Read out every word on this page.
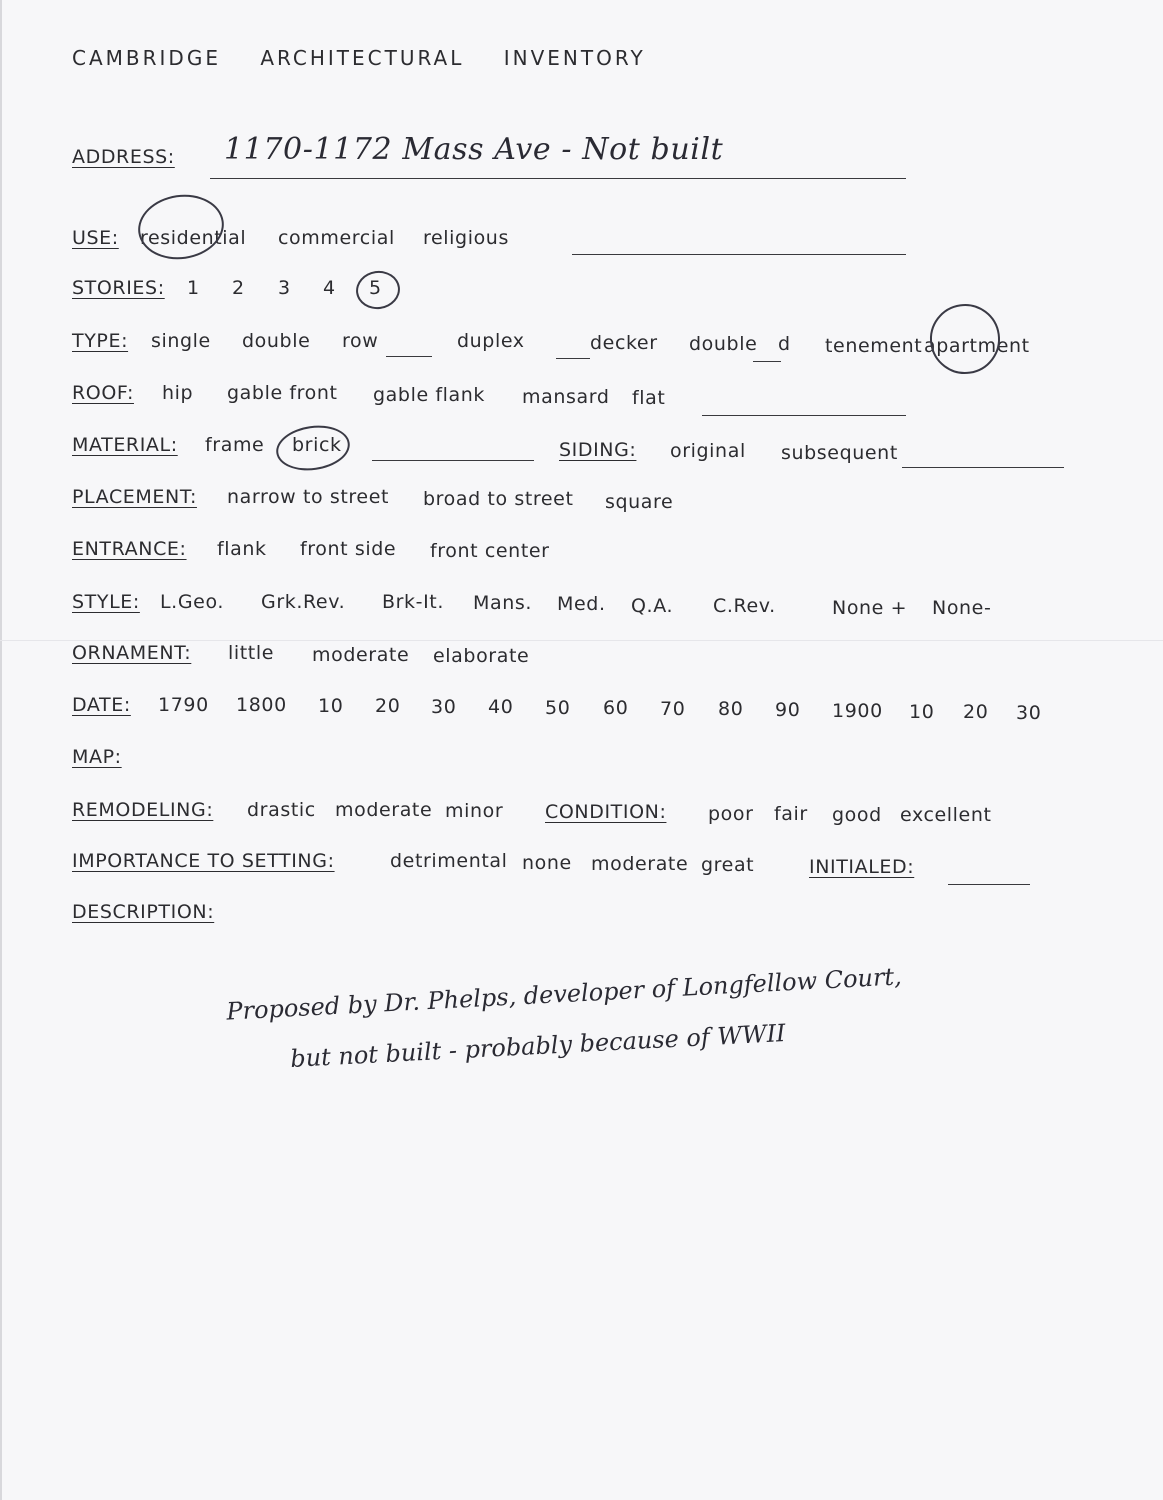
CAMBRIDGE ARCHITECTURAL INVENTORY
ADDRESS: 1170-1172 Mass Ave - Not built
USE: residential commercial religious
STORIES: 1 2 3 4 5
TYPE: single double row	duplex	decker double d tenement apartment
ROOF: hip gable front gable flank mansard flat
MATERIAL: frame brick	SIDING: original subsequent
PLACEMENT: narrow to street broad to street square
ENTRANCE: flank front side front center
STYLE: L.Geo. Grk.Rev. Brk-It. Mans. Med. Q.A. C.Rev.	None + None-
ORNAMENT: little moderate elaborate
DATE: 1790 1800 10 20 30 40 50 60 70 80 90 1900 10 20 30
MAP:
REMODELING: drastic moderate minor CONDITION: poor fair good excellent
IMPORTANCE TO SETTING:	detrimental none moderate great	INITIALED:
DESCRIPTION:
Proposed by Dr. Phelps, developer of Longfellow Court,
but not built - probably because of WWII
